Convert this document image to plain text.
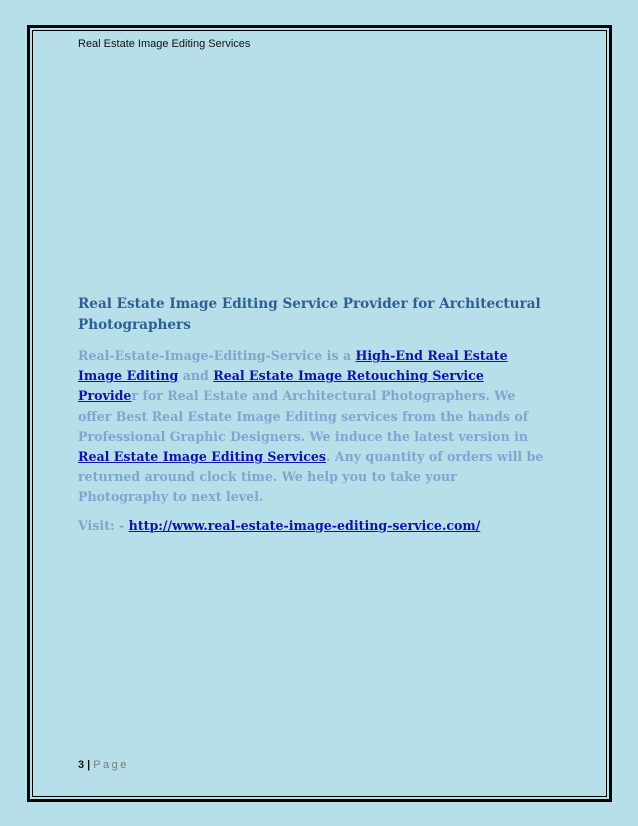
Real Estate Image Editing Services

Real Estate Image Editing Service Provider for Architectural
Photographers

Real-Estate-Image-Editing-Service is a High-End Real Estate Image Editing and Real Estate Image Retouching Service Provider for Real Estate and Architectural Photographers. We offer Best Real Estate Image Editing services from the hands of Professional Graphic Designers. We induce the latest version in Real Estate Image Editing Services. Any quantity of orders will be returned around clock time. We help you to take your Photography to next level.

Visit: - http://www.real-estate-image-editing-service.com/

3 | Page
